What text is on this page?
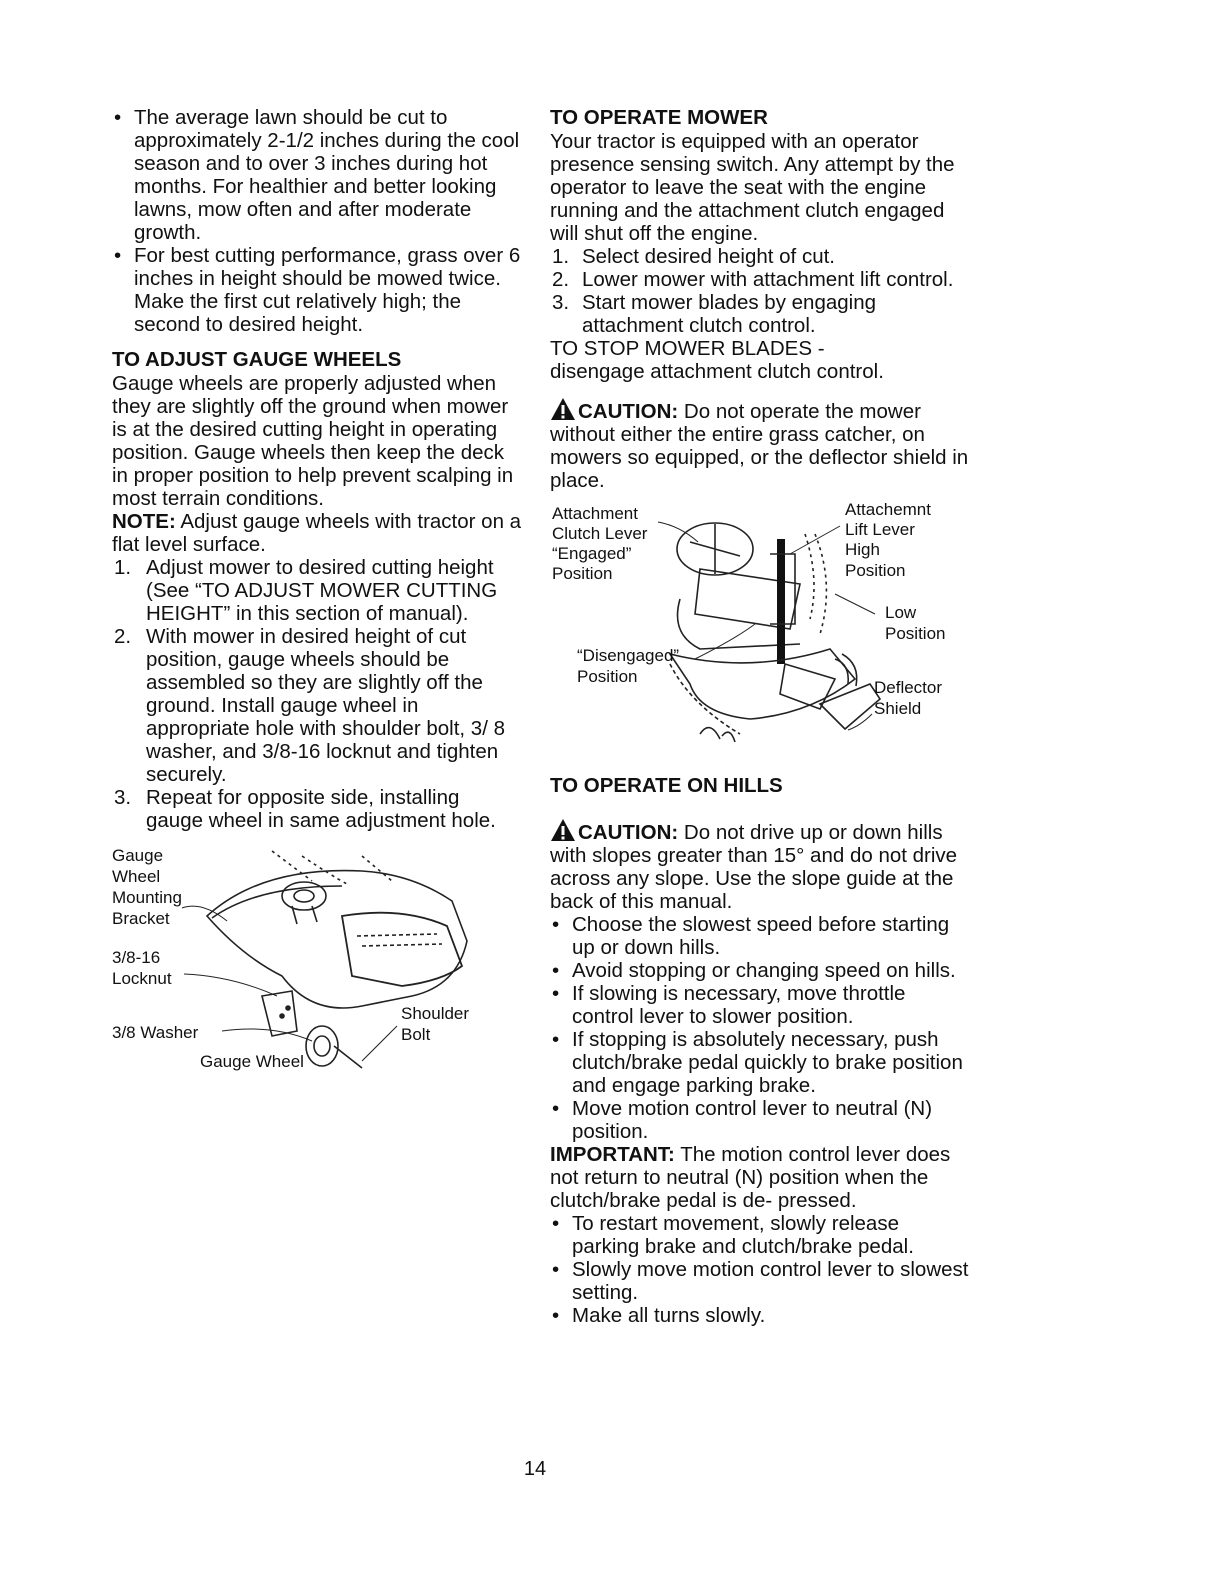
• The average lawn should be cut to approximately 2-1/2 inches during the cool season and to over 3 inches during hot months. For healthier and better looking lawns, mow often and after moderate growth.
• For best cutting performance, grass over 6 inches in height should be mowed twice. Make the first cut relatively high; the second to desired height.
TO ADJUST GAUGE WHEELS

Gauge wheels are properly adjusted when they are slightly off the ground when mower is at the desired cutting height in operating position. Gauge wheels then keep the deck in proper position to help prevent scalping in most terrain conditions.

NOTE: Adjust gauge wheels with tractor on a flat level surface.

1. Adjust mower to desired cutting height (See “TO ADJUST MOWER CUTTING HEIGHT” in this section of manual).
2. With mower in desired height of cut position, gauge wheels should be assembled so they are slightly off the ground. Install gauge wheel in appropriate hole with shoulder bolt, 3/ 8 washer, and 3/8-16 locknut and tighten securely.
3. Repeat for opposite side, installing gauge wheel in same adjustment hole.
Gauge
Wheel
Mounting
Bracket
3/8-16
Locknut
3/8 Washer
Shoulder
Bolt
Gauge Wheel
TO OPERATE MOWER

Your tractor is equipped with an operator presence sensing switch. Any attempt by the operator to leave the seat with the engine running and the attachment clutch engaged will shut off the engine.

1. Select desired height of cut.
2. Lower mower with attachment lift control.
3. Start mower blades by engaging attachment clutch control.

TO STOP MOWER BLADES -

disengage attachment clutch control.

CAUTION: Do not operate the mower without either the entire grass catcher, on mowers so equipped, or the deflector shield in place.

Attachment
Clutch Lever
“Engaged”
Position
Attachemnt
Lift Lever
High
Position
Low
Position
“Disengaged”
Position
Deflector
Shield
TO OPERATE ON HILLS

CAUTION: Do not drive up or down hills with slopes greater than 15° and do not drive across any slope. Use the slope guide at the back of this manual.

• Choose the slowest speed before starting up or down hills.
• Avoid stopping or changing speed on hills.
• If slowing is necessary, move throttle control lever to slower position.
• If stopping is absolutely necessary, push clutch/brake pedal quickly to brake position and engage parking brake.
• Move motion control lever to neutral (N) position.

IMPORTANT: The motion control lever does not return to neutral (N) position when the clutch/brake pedal is de- pressed.

• To restart movement, slowly release parking brake and clutch/brake pedal.
• Slowly move motion control lever to slowest setting.
• Make all turns slowly.
14
